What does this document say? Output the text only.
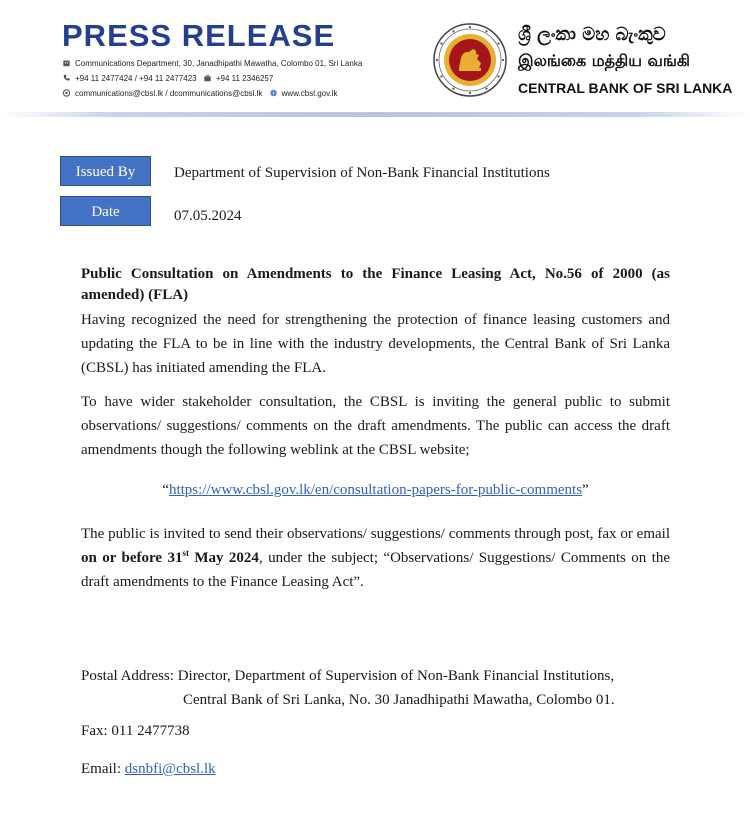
PRESS RELEASE
Communications Department, 30, Janadhipathi Mawatha, Colombo 01, Sri Lanka
+94 11 2477424 / +94 11 2477423 +94 11 2346257
communications@cbsl.lk / dcommunications@cbsl.lk www.cbsl.gov.lk
ශ්‍රී ලංකා මහ බැංකුව
இலங்கை மத்திய வங்கி
CENTRAL BANK OF SRI LANKA
Issued By	Department of Supervision of Non-Bank Financial Institutions
Date	07.05.2024

Public Consultation on Amendments to the Finance Leasing Act, No.56 of 2000 (as amended) (FLA)

Having recognized the need for strengthening the protection of finance leasing customers and updating the FLA to be in line with the industry developments, the Central Bank of Sri Lanka (CBSL) has initiated amending the FLA.

To have wider stakeholder consultation, the CBSL is inviting the general public to submit observations/ suggestions/ comments on the draft amendments. The public can access the draft amendments though the following weblink at the CBSL website;

“https://www.cbsl.gov.lk/en/consultation-papers-for-public-comments”

The public is invited to send their observations/ suggestions/ comments through post, fax or email on or before 31st May 2024, under the subject; “Observations/ Suggestions/ Comments on the draft amendments to the Finance Leasing Act”.

Postal Address: Director, Department of Supervision of Non-Bank Financial Institutions,
Central Bank of Sri Lanka, No. 30 Janadhipathi Mawatha, Colombo 01.
Fax: 011 2477738
Email: dsnbfi@cbsl.lk
